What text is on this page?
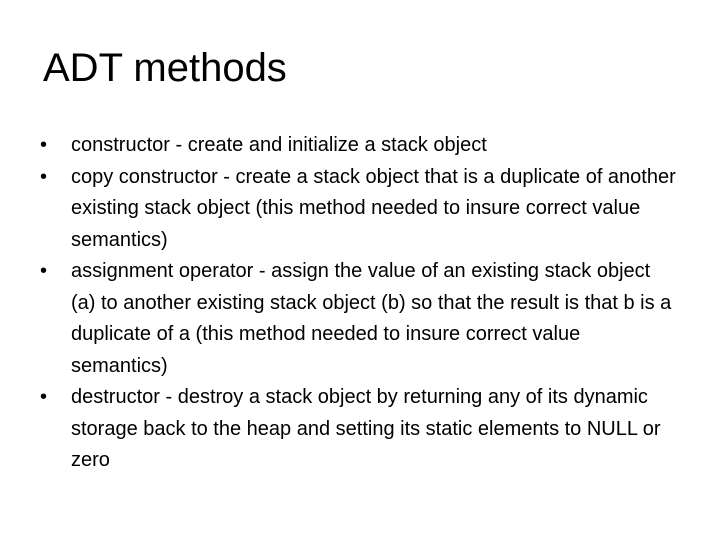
ADT methods
• constructor - create and initialize a stack object
• copy constructor - create a stack object that is a duplicate of another existing stack object (this method needed to insure correct value semantics)
• assignment operator - assign the value of an existing stack object (a) to another existing stack object (b) so that the result is that b is a duplicate of a (this method needed to insure correct value semantics)
• destructor - destroy a stack object by returning any of its dynamic storage back to the heap and setting its static elements to NULL or zero
